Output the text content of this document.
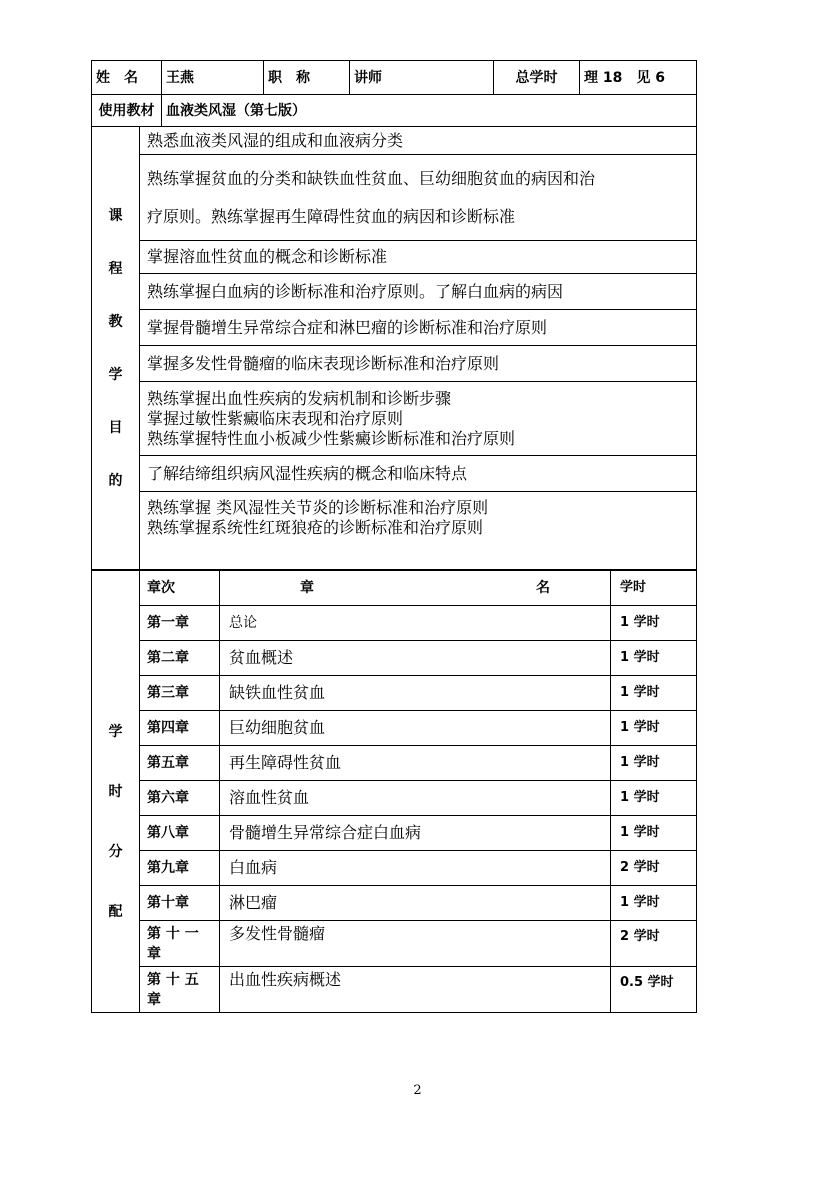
姓　名	王燕	职　称	讲师	总学时	理 18　见 6
使用教材	血液类风湿（第七版）				
课
程
教
学
目
的

熟悉血液类风湿的组成和血液病分类

熟练掌握贫血的分类和缺铁血性贫血、巨幼细胞贫血的病因和治
疗原则。熟练掌握再生障碍性贫血的病因和诊断标准

掌握溶血性贫血的概念和诊断标准

熟练掌握白血病的诊断标准和治疗原则。了解白血病的病因

掌握骨髓增生异常综合症和淋巴瘤的诊断标准和治疗原则

掌握多发性骨髓瘤的临床表现诊断标准和治疗原则

熟练掌握出血性疾病的发病机制和诊断步骤
掌握过敏性紫癜临床表现和治疗原则
熟练掌握特性血小板减少性紫癜诊断标准和治疗原则

了解结缔组织病风湿性疾病的概念和临床特点

熟练掌握 类风湿性关节炎的诊断标准和治疗原则
熟练掌握系统性红斑狼疮的诊断标准和治疗原则
学
时
分
配	章次	章 名	学时
	第一章	总论	1 学时
	第二章	贫血概述	1 学时
	第三章	缺铁血性贫血	1 学时
	第四章	巨幼细胞贫血	1 学时
	第五章	再生障碍性贫血	1 学时
	第六章	溶血性贫血	1 学时
	第八章	骨髓增生异常综合症白血病	1 学时
	第九章	白血病	2 学时
	第十章	淋巴瘤	1 学时
	第 十 一 章	多发性骨髓瘤	2 学时
	第 十 五 章	出血性疾病概述	0.5 学时
2
